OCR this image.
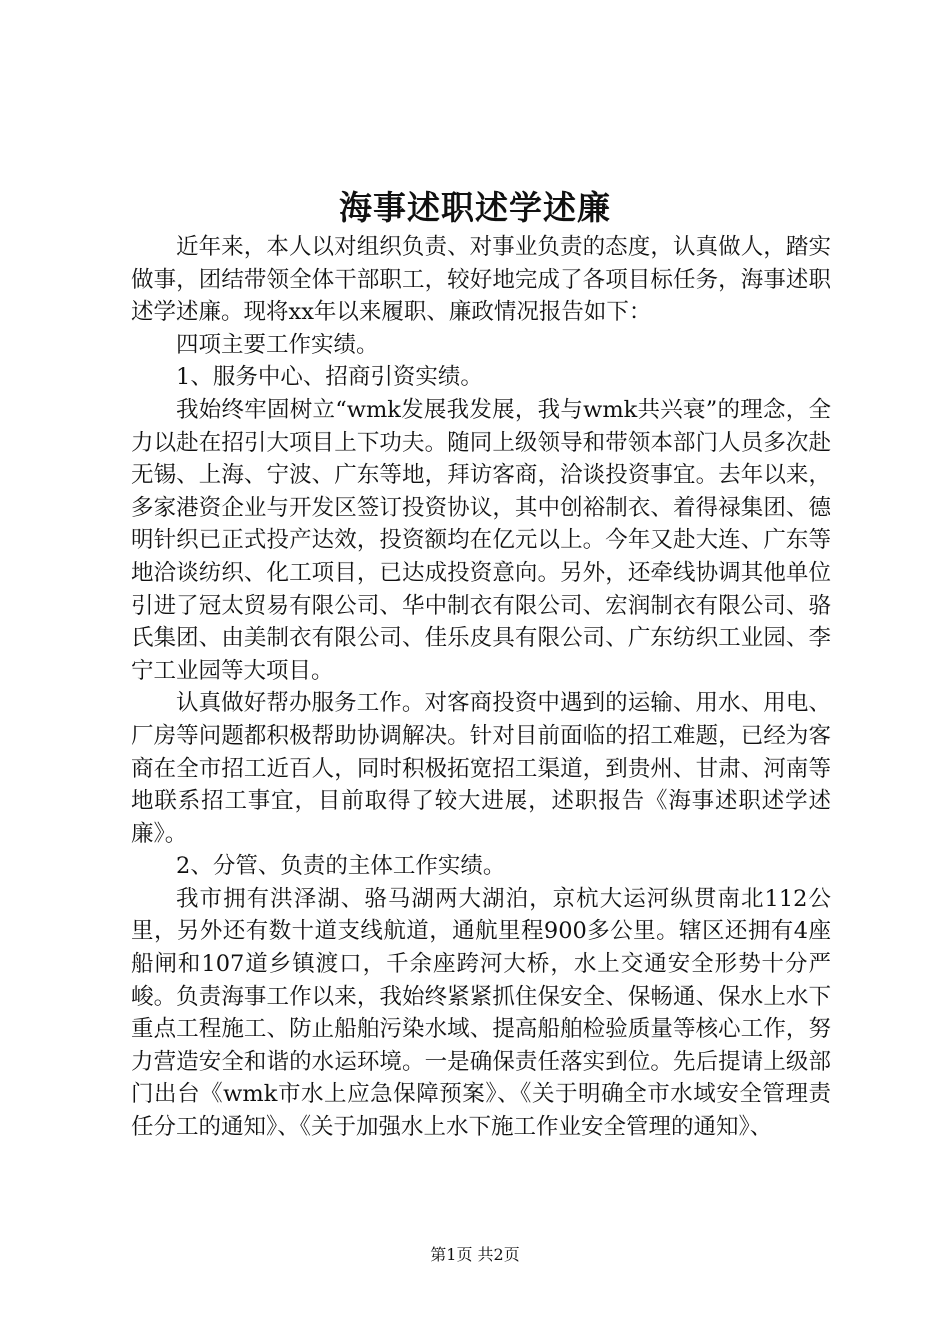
海事述职述学述廉

近年来，本人以对组织负责、对事业负责的态度，认真做人，踏实做事，团结带领全体干部职工，较好地完成了各项目标任务，海事述职述学述廉。现将xx年以来履职、廉政情况报告如下：

四项主要工作实绩。

1、服务中心、招商引资实绩。

我始终牢固树立“wmk发展我发展，我与wmk共兴衰”的理念，全力以赴在招引大项目上下功夫。随同上级领导和带领本部门人员多次赴无锡、上海、宁波、广东等地，拜访客商，洽谈投资事宜。去年以来，多家港资企业与开发区签订投资协议，其中创裕制衣、着得禄集团、德明针织已正式投产达效，投资额均在亿元以上。今年又赴大连、广东等地洽谈纺织、化工项目，已达成投资意向。另外，还牵线协调其他单位引进了冠太贸易有限公司、华中制衣有限公司、宏润制衣有限公司、骆氏集团、由美制衣有限公司、佳乐皮具有限公司、广东纺织工业园、李宁工业园等大项目。

认真做好帮办服务工作。对客商投资中遇到的运输、用水、用电、厂房等问题都积极帮助协调解决。针对目前面临的招工难题，已经为客商在全市招工近百人，同时积极拓宽招工渠道，到贵州、甘肃、河南等地联系招工事宜，目前取得了较大进展，述职报告《海事述职述学述廉》。

2、分管、负责的主体工作实绩。

我市拥有洪泽湖、骆马湖两大湖泊，京杭大运河纵贯南北112公里，另外还有数十道支线航道，通航里程900多公里。辖区还拥有4座船闸和107道乡镇渡口，千余座跨河大桥，水上交通安全形势十分严峻。负责海事工作以来，我始终紧紧抓住保安全、保畅通、保水上水下重点工程施工、防止船舶污染水域、提高船舶检验质量等核心工作，努力营造安全和谐的水运环境。一是确保责任落实到位。先后提请上级部门出台《wmk市水上应急保障预案》、《关于明确全市水域安全管理责任分工的通知》、《关于加强水上水下施工作业安全管理的通知》、

第1页 共2页
